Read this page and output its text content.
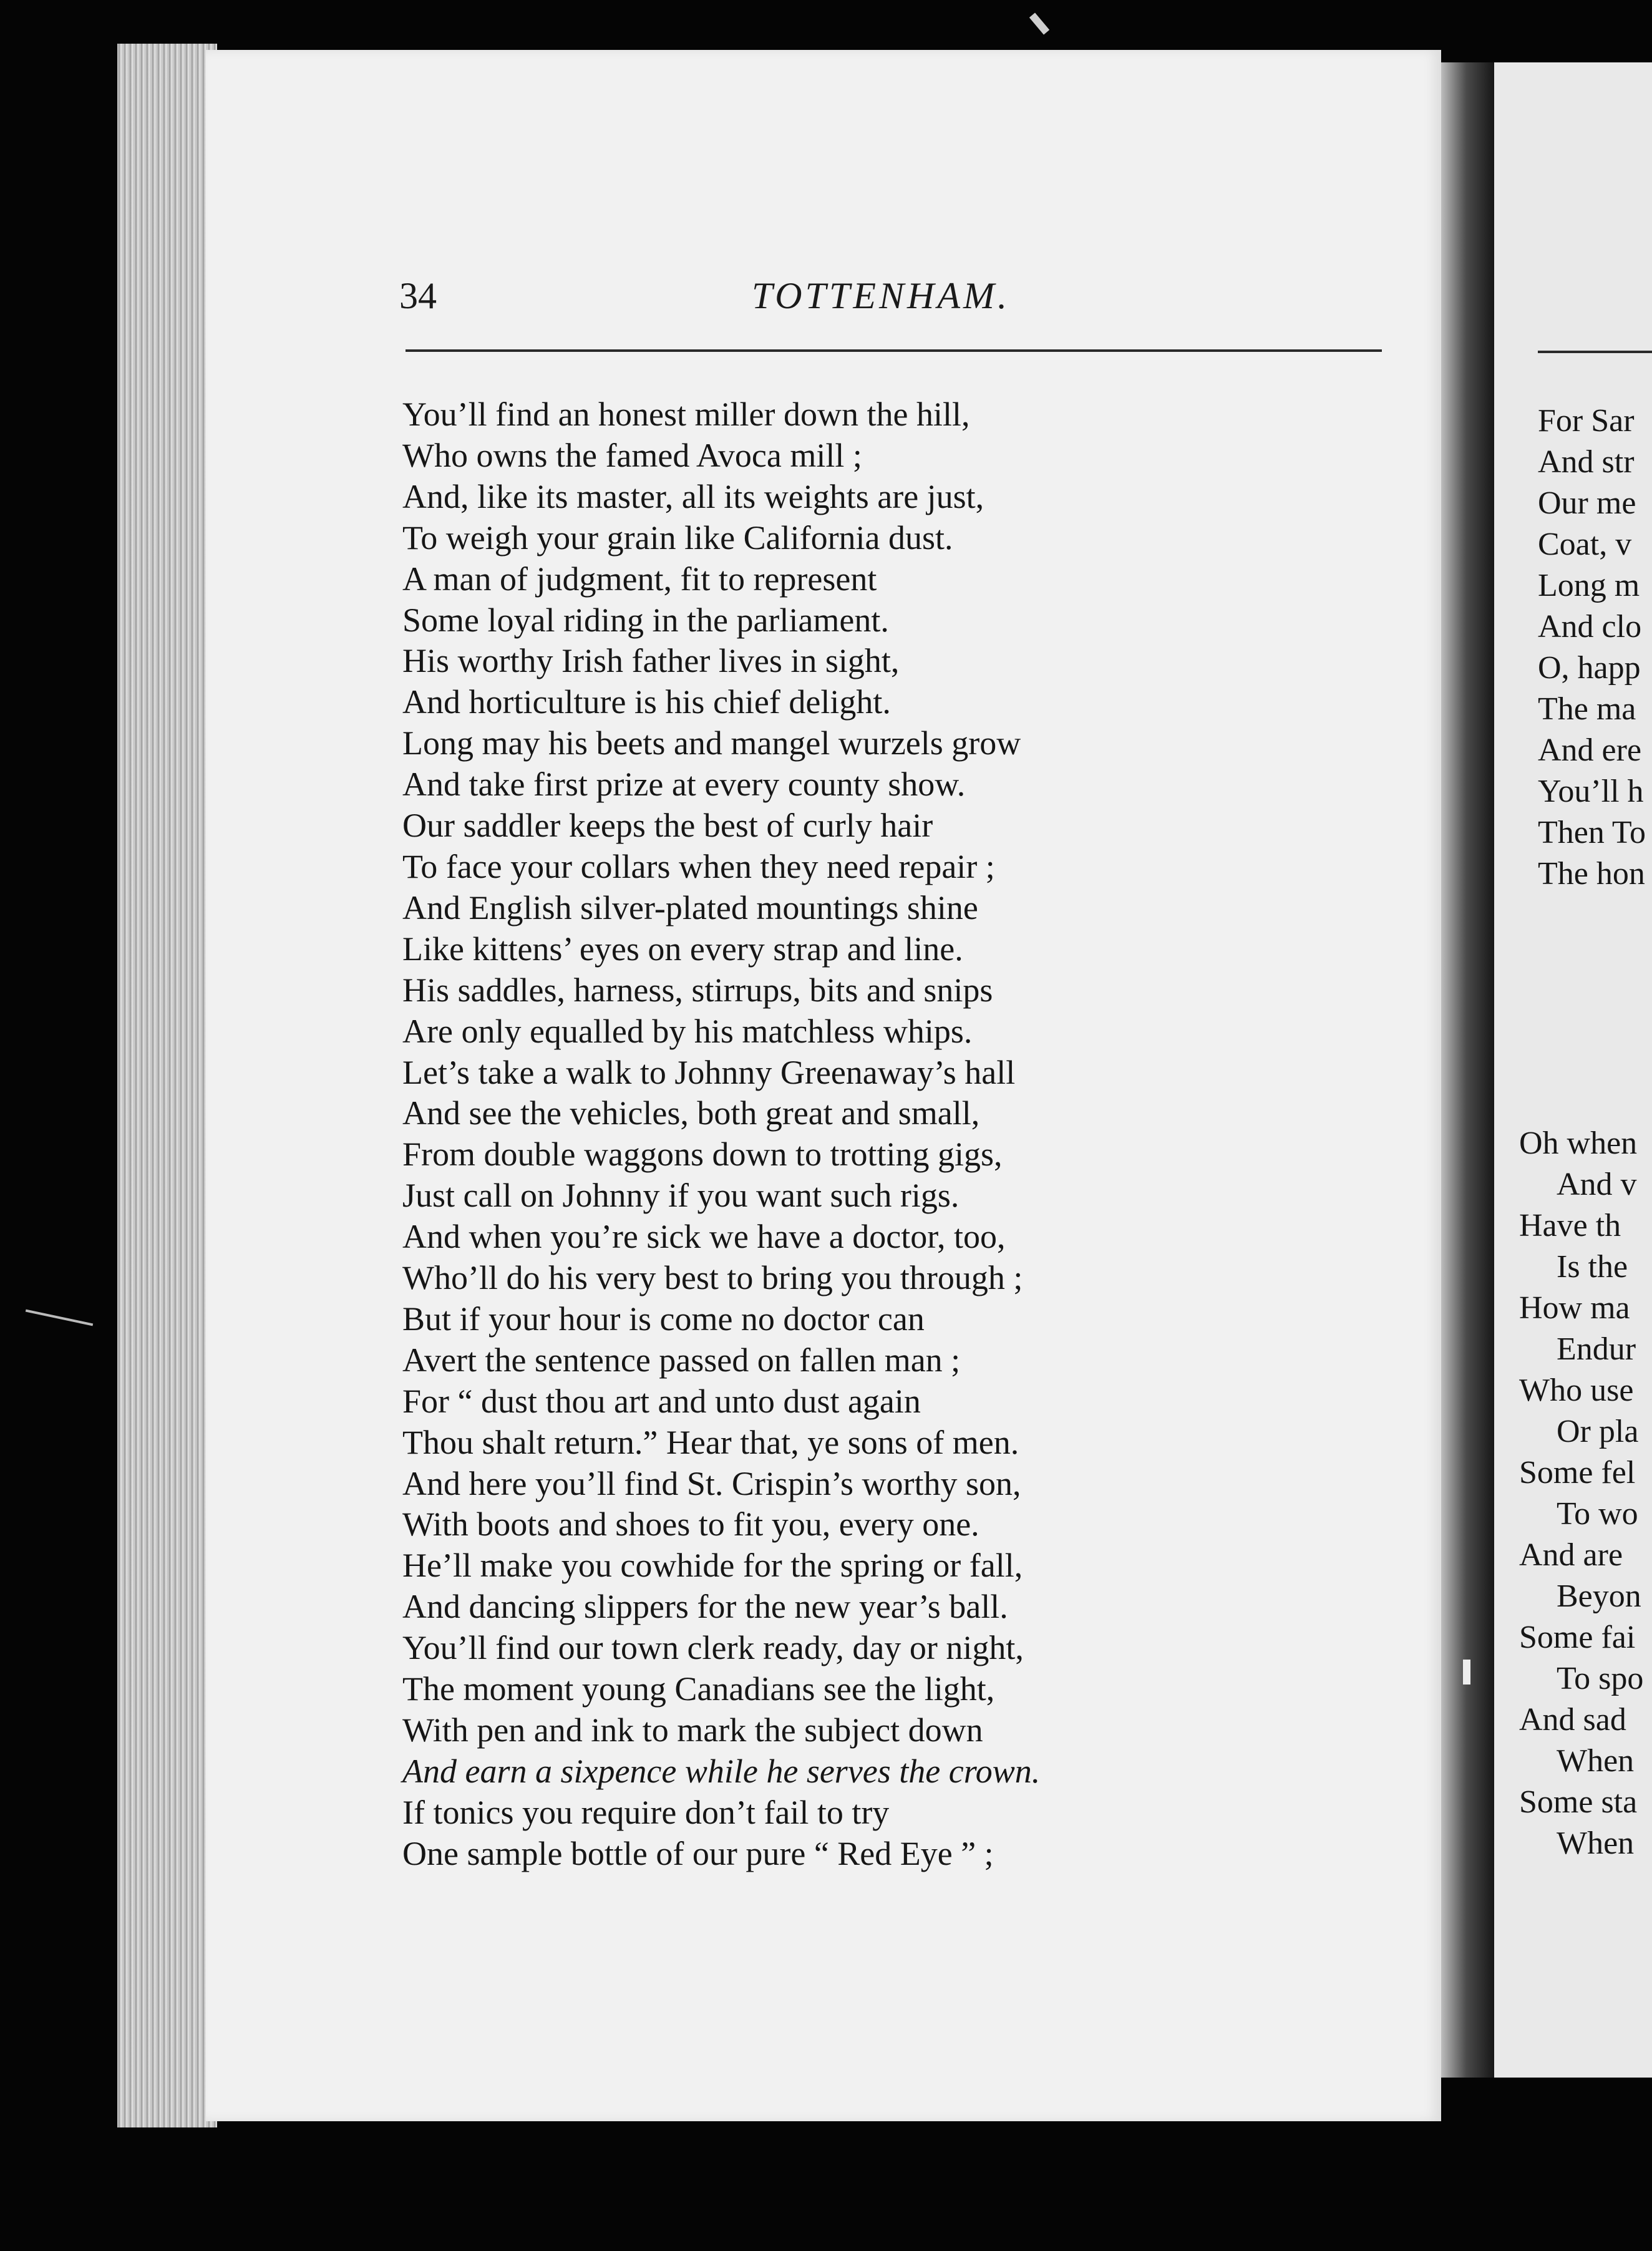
34	TOTTENHAM.
You’ll find an honest miller down the hill,
Who owns the famed Avoca mill ;
And, like its master, all its weights are just,
To weigh your grain like California dust.
A man of judgment, fit to represent
Some loyal riding in the parliament.
His worthy Irish father lives in sight,
And horticulture is his chief delight.
Long may his beets and mangel wurzels grow
And take first prize at every county show.
Our saddler keeps the best of curly hair
To face your collars when they need repair ;
And English silver-plated mountings shine
Like kittens’ eyes on every strap and line.
His saddles, harness, stirrups, bits and snips
Are only equalled by his matchless whips.
Let’s take a walk to Johnny Greenaway’s hall
And see the vehicles, both great and small,
From double waggons down to trotting gigs,
Just call on Johnny if you want such rigs.
And when you’re sick we have a doctor, too,
Who’ll do his very best to bring you through ;
But if your hour is come no doctor can
Avert the sentence passed on fallen man ;
For “ dust thou art and unto dust again
Thou shalt return.” Hear that, ye sons of men.
And here you’ll find St. Crispin’s worthy son,
With boots and shoes to fit you, every one.
He’ll make you cowhide for the spring or fall,
And dancing slippers for the new year’s ball.
You’ll find our town clerk ready, day or night,
The moment young Canadians see the light,
With pen and ink to mark the subject down
And earn a sixpence while he serves the crown.
If tonics you require don’t fail to try
One sample bottle of our pure “ Red Eye ” ;
For Sar
And str
Our me
Coat, v
Long m
And clo
O, happ
The ma
And ere
You’ll h
Then To
The hon
Oh when
And v
Have th
Is the
How ma
Endur
Who use
Or pla
Some fel
To wo
And are
Beyon
Some fai
To spo
And sad
When
Some sta
When
